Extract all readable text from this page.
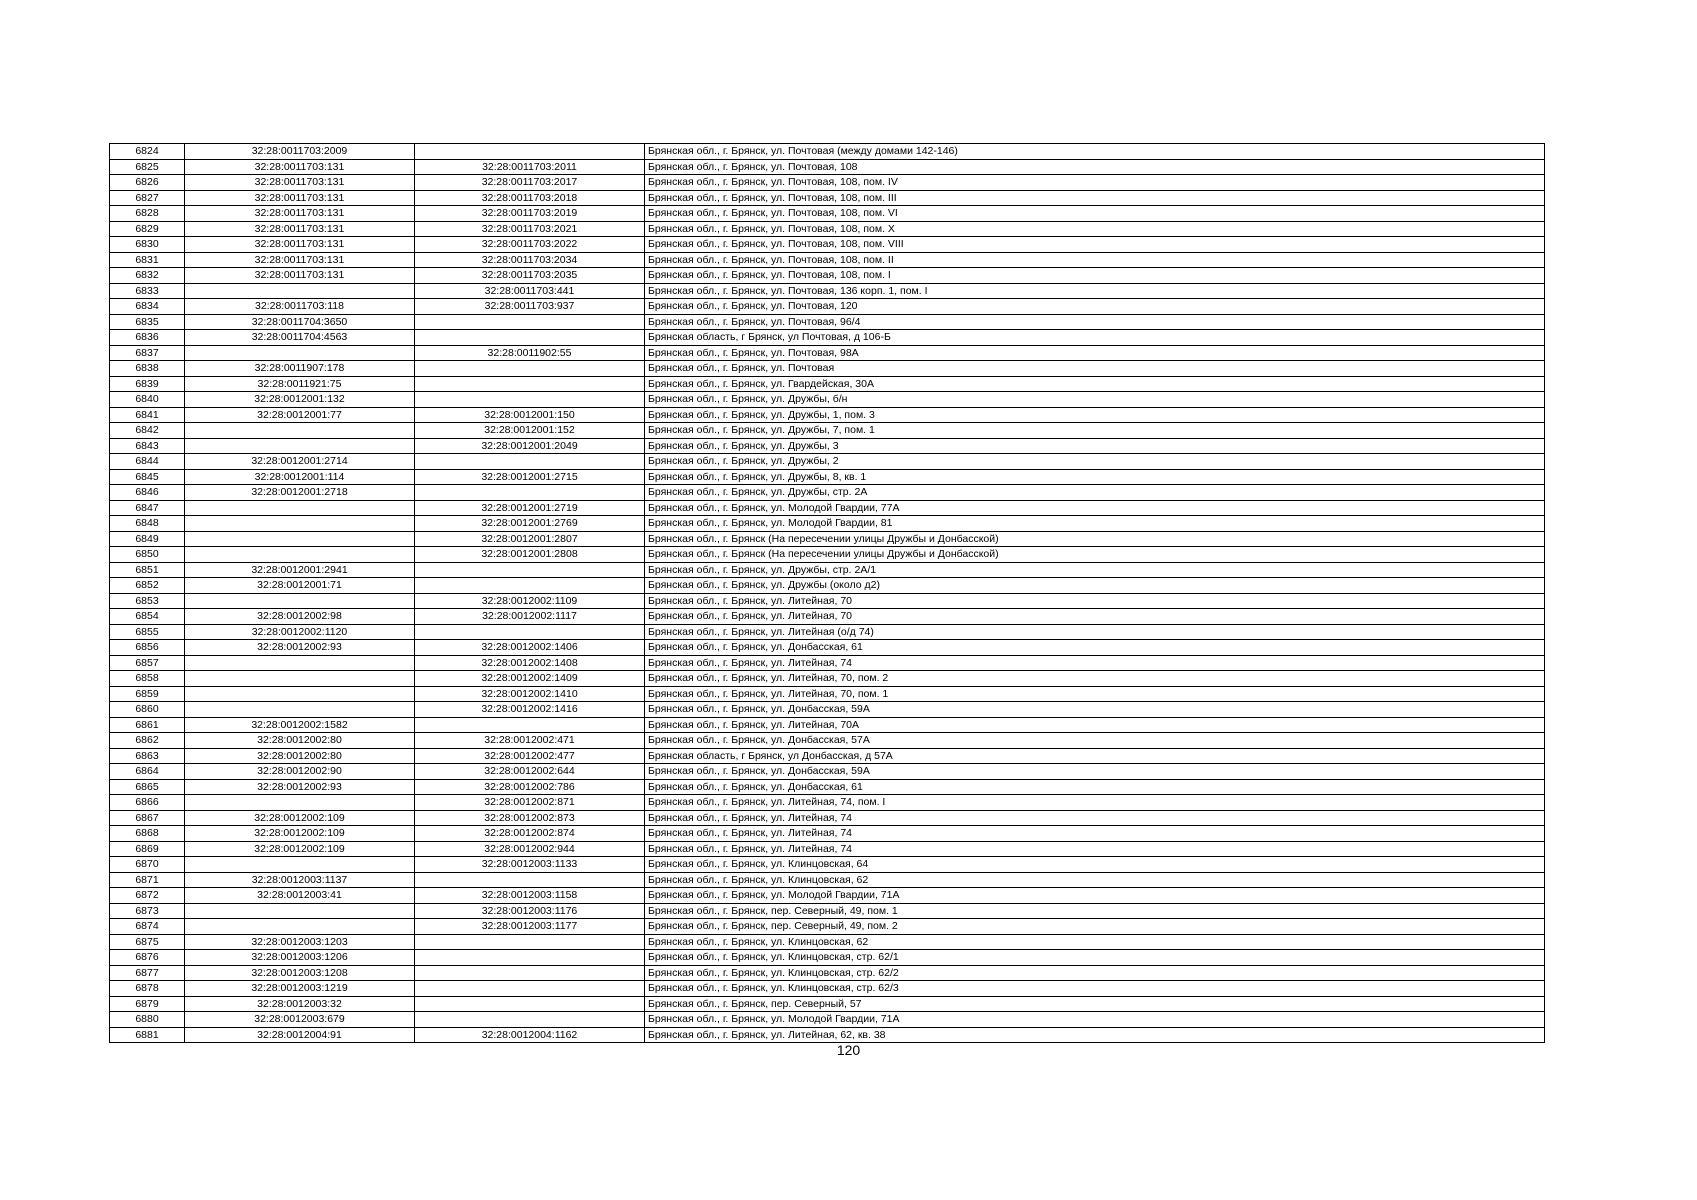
6824	32:28:0011703:2009		Брянская обл., г. Брянск, ул. Почтовая (между домами 142-146)
6825	32:28:0011703:131	32:28:0011703:2011	Брянская обл., г. Брянск, ул. Почтовая, 108
6826	32:28:0011703:131	32:28:0011703:2017	Брянская обл., г. Брянск, ул. Почтовая, 108, пом. IV
6827	32:28:0011703:131	32:28:0011703:2018	Брянская обл., г. Брянск, ул. Почтовая, 108, пом. III
6828	32:28:0011703:131	32:28:0011703:2019	Брянская обл., г. Брянск, ул. Почтовая, 108, пом. VI
6829	32:28:0011703:131	32:28:0011703:2021	Брянская обл., г. Брянск, ул. Почтовая, 108, пом. X
6830	32:28:0011703:131	32:28:0011703:2022	Брянская обл., г. Брянск, ул. Почтовая, 108, пом. VIII
6831	32:28:0011703:131	32:28:0011703:2034	Брянская обл., г. Брянск, ул. Почтовая, 108, пом. II
6832	32:28:0011703:131	32:28:0011703:2035	Брянская обл., г. Брянск, ул. Почтовая, 108, пом. I
6833		32:28:0011703:441	Брянская обл., г. Брянск, ул. Почтовая, 136 корп. 1, пом. I
6834	32:28:0011703:118	32:28:0011703:937	Брянская обл., г. Брянск, ул. Почтовая, 120
6835	32:28:0011704:3650		Брянская обл., г. Брянск, ул. Почтовая, 96/4
6836	32:28:0011704:4563		Брянская область, г Брянск, ул Почтовая, д 106-Б
6837		32:28:0011902:55	Брянская обл., г. Брянск, ул. Почтовая, 98А
6838	32:28:0011907:178		Брянская обл., г. Брянск, ул. Почтовая
6839	32:28:0011921:75		Брянская обл., г. Брянск, ул. Гвардейская, 30А
6840	32:28:0012001:132		Брянская обл., г. Брянск, ул. Дружбы, б/н
6841	32:28:0012001:77	32:28:0012001:150	Брянская обл., г. Брянск, ул. Дружбы, 1, пом. 3
6842		32:28:0012001:152	Брянская обл., г. Брянск, ул. Дружбы, 7, пом. 1
6843		32:28:0012001:2049	Брянская обл., г. Брянск, ул. Дружбы, 3
6844	32:28:0012001:2714		Брянская обл., г. Брянск, ул. Дружбы, 2
6845	32:28:0012001:114	32:28:0012001:2715	Брянская обл., г. Брянск, ул. Дружбы, 8, кв. 1
6846	32:28:0012001:2718		Брянская обл., г. Брянск, ул. Дружбы, стр. 2А
6847		32:28:0012001:2719	Брянская обл., г. Брянск, ул. Молодой Гвардии, 77А
6848		32:28:0012001:2769	Брянская обл., г. Брянск, ул. Молодой Гвардии, 81
6849		32:28:0012001:2807	Брянская обл., г. Брянск (На пересечении улицы Дружбы и Донбасской)
6850		32:28:0012001:2808	Брянская обл., г. Брянск (На пересечении улицы Дружбы и Донбасской)
6851	32:28:0012001:2941		Брянская обл., г. Брянск, ул. Дружбы, стр. 2А/1
6852	32:28:0012001:71		Брянская обл., г. Брянск, ул. Дружбы (около д2)
6853		32:28:0012002:1109	Брянская обл., г. Брянск, ул. Литейная, 70
6854	32:28:0012002:98	32:28:0012002:1117	Брянская обл., г. Брянск, ул. Литейная, 70
6855	32:28:0012002:1120		Брянская обл., г. Брянск, ул. Литейная (о/д 74)
6856	32:28:0012002:93	32:28:0012002:1406	Брянская обл., г. Брянск, ул. Донбасская, 61
6857		32:28:0012002:1408	Брянская обл., г. Брянск, ул. Литейная, 74
6858		32:28:0012002:1409	Брянская обл., г. Брянск, ул. Литейная, 70, пом. 2
6859		32:28:0012002:1410	Брянская обл., г. Брянск, ул. Литейная, 70, пом. 1
6860		32:28:0012002:1416	Брянская обл., г. Брянск, ул. Донбасская, 59А
6861	32:28:0012002:1582		Брянская обл., г. Брянск, ул. Литейная, 70А
6862	32:28:0012002:80	32:28:0012002:471	Брянская обл., г. Брянск, ул. Донбасская, 57А
6863	32:28:0012002:80	32:28:0012002:477	Брянская область, г Брянск, ул Донбасская, д 57А
6864	32:28:0012002:90	32:28:0012002:644	Брянская обл., г. Брянск, ул. Донбасская, 59А
6865	32:28:0012002:93	32:28:0012002:786	Брянская обл., г. Брянск, ул. Донбасская, 61
6866		32:28:0012002:871	Брянская обл., г. Брянск, ул. Литейная, 74, пом. I
6867	32:28:0012002:109	32:28:0012002:873	Брянская обл., г. Брянск, ул. Литейная, 74
6868	32:28:0012002:109	32:28:0012002:874	Брянская обл., г. Брянск, ул. Литейная, 74
6869	32:28:0012002:109	32:28:0012002:944	Брянская обл., г. Брянск, ул. Литейная, 74
6870		32:28:0012003:1133	Брянская обл., г. Брянск, ул. Клинцовская, 64
6871	32:28:0012003:1137		Брянская обл., г. Брянск, ул. Клинцовская, 62
6872	32:28:0012003:41	32:28:0012003:1158	Брянская обл., г. Брянск, ул. Молодой Гвардии, 71А
6873		32:28:0012003:1176	Брянская обл., г. Брянск, пер. Северный, 49, пом. 1
6874		32:28:0012003:1177	Брянская обл., г. Брянск, пер. Северный, 49, пом. 2
6875	32:28:0012003:1203		Брянская обл., г. Брянск, ул. Клинцовская, 62
6876	32:28:0012003:1206		Брянская обл., г. Брянск, ул. Клинцовская, стр. 62/1
6877	32:28:0012003:1208		Брянская обл., г. Брянск, ул. Клинцовская, стр. 62/2
6878	32:28:0012003:1219		Брянская обл., г. Брянск, ул. Клинцовская, стр. 62/3
6879	32:28:0012003:32		Брянская обл., г. Брянск, пер. Северный, 57
6880	32:28:0012003:679		Брянская обл., г. Брянск, ул. Молодой Гвардии, 71А
6881	32:28:0012004:91	32:28:0012004:1162	Брянская обл., г. Брянск, ул. Литейная, 62, кв. 38
120
